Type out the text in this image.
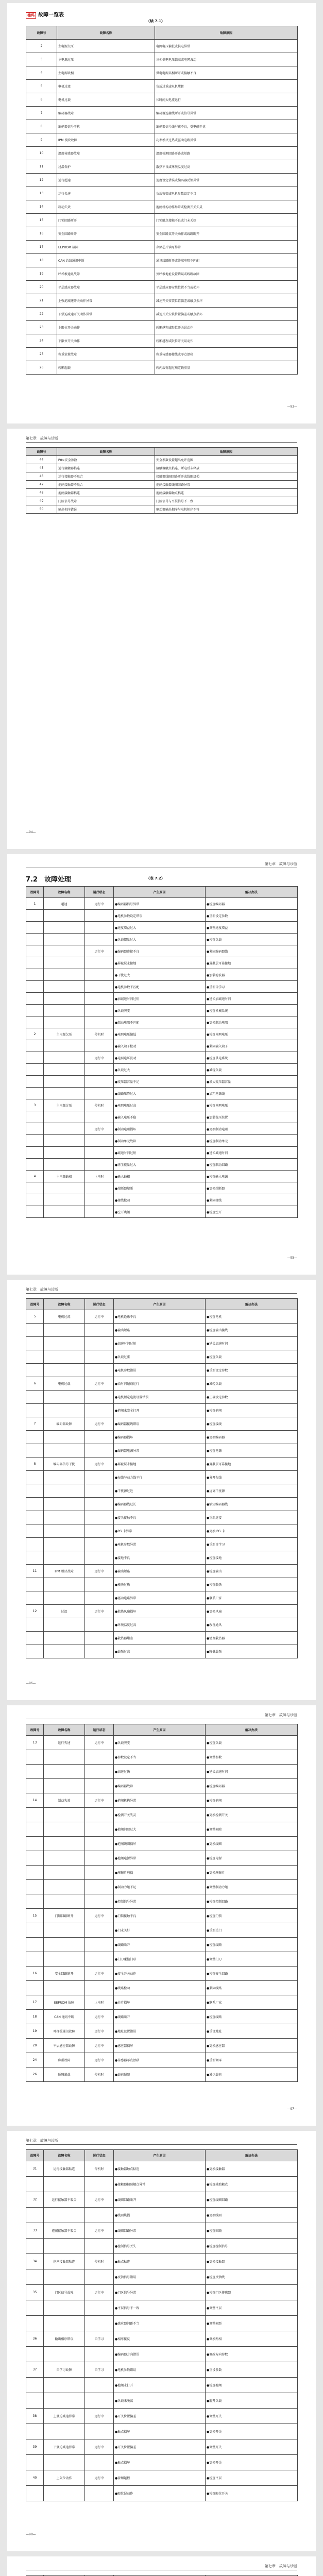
德玛 故障一览表
（续 7.1）
故障号	故障名称	故障原因
2	主电源欠压	电网电压偏低或供电异常
3	主电源过压	三相供电电压偏高或电网波动
4	主电源缺相	供电电源某相断开或接触不良
5	电机过流	负载过重或电机堵转
6	电机过载	长时间大电流运行
7	编码器故障	编码器连接线断开或信号异常
8	编码器信号干扰	编码器信号线屏蔽不良，受电磁干扰
9	IPM 模块故障	功率模块过热或驱动电路异常
10	温度传感器故障	温度检测回路开路或短路
11	过温保护	散热不良或环境温度过高
12	运行超速	速度设定错误或编码器反馈异常
13	运行失速	负载突变或电机参数设定不当
14	制动失效	抱闸机构动作异常或检测开关失灵
15	门锁回路断开	门锁触点接触不良或门未关好
16	安全回路断开	安全回路某开关动作或线路断开
17	EEPROM 故障	存储芯片读写异常
18	CAN 总线通讯中断	通讯线路断开或终端电阻不匹配
19	呼梯板通讯故障	外呼板地址设置错误或线路故障
20	平层感应器故障	平层感应器安装位置不当或损坏
21	上强迫减速开关动作异常	减速开关安装位置偏差或触点损坏
22	下强迫减速开关动作异常	减速开关安装位置偏差或触点损坏
23	上限位开关动作	轿厢越程或限位开关误动作
24	下限位开关动作	轿厢越程或限位开关误动作
25	称重装置故障	称重传感器接线或零点漂移
26	轿厢超载	轿内载荷超过额定载重量
—93—
第七章　故障与诊断
故障号	故障名称	故障原因
44	P0>安全参数	安全参数设置超出允许范围
45	运行接触器粘连	接触器触点粘连，断电后未释放
46	运行接触器不吸合	接触器线圈回路断开或线圈烧损
47	抱闸接触器不吸合	抱闸接触器线圈回路异常
48	抱闸接触器粘连	抱闸接触器触点粘连
49	门区信号故障	门区信号与平层信号不一致
50	输出相序错误	驱动器输出相序与电机相序不符
—94—
第七章　故障与诊断
7.2　故障处理	（表 7.2）
故障号	故障名称	运行状态	产生原因	解决办法
1	超速	运行中	●编码器信号异常	●检查编码器
			●电机参数设定错误	●重新设定参数
			●速度增益过大	●调整速度增益
			●负载惯量过大	●检查负载
		运行中	●编码器连接不良	●紧固编码器线
			●屏蔽层未接地	●屏蔽层可靠接地
			●干扰过大	●加装滤波器
			●电机参数不匹配	●重新自学习
			●加减速时间过短	●延长加减速时间
			●负载突变	●检查机械系统
			●制动电阻不匹配	●更换制动电阻
2	主电源欠压	停机时	●电网电压偏低	●检查电网电压
			●输入端子松动	●紧固输入端子
		运行中	●电网电压波动	●检查供电系统
			●负载过大	●减轻负载
			●变压器容量不足	●增大变压器容量
			●线路压降过大	●加粗电源线
3	主电源过压	停机时	●电网电压过高	●检查电网电压
			●输入电压不稳	●加装稳压装置
		运行中	●制动电阻损坏	●更换制动电阻
			●制动单元故障	●检查制动单元
			●减速时间过短	●延长减速时间
			●再生能量过大	●检查制动回路
4	主电源缺相	上电时	●输入缺相	●检查输入电源
			●熔断器熔断	●更换熔断器
			●接线松动	●紧固接线
			●空开跳闸	●检查空开
—95—
第七章　故障与诊断
故障号	故障名称	运行状态	产生原因	解决办法
5	电机过流	运行中	●电机绝缘不良	●检查电机
			●输出短路	●检查输出接线
			●加速时间过短	●延长加速时间
			●负载过重	●检查负载
			●电机参数错误	●重新设定参数
6	电机过载	运行中	●长时间超载运行	●减轻负载
			●电机额定电流设置错误	●正确设定参数
			●抱闸未完全打开	●检查抱闸
7	编码器故障	运行中	●编码器接线错误	●检查接线
			●编码器损坏	●更换编码器
			●编码器电源异常	●检查电源
8	编码器信号干扰	运行中	●屏蔽层未接地	●屏蔽层可靠接地
			●布线与动力线平行	●分开布线
			●干扰源过近	●远离干扰源
			●编码器线过长	●缩短编码器线
			●接头接触不良	●重新连接
			●PG 卡异常	●更换 PG 卡
			●电机参数异常	●重新自学习
			●接地不良	●检查接地
11	IPM 模块故障	运行中	●输出短路	●检查输出
			●模块过热	●检查散热
			●驱动电路异常	●联系厂家
12	过温	运行中	●散热风扇损坏	●更换风扇
			●环境温度过高	●改善通风
			●散热器堵塞	●清理散热器
			●载频过高	●降低载频
—96—
第七章　故障与诊断
故障号	故障名称	运行状态	产生原因	解决办法
13	运行失速	运行中	●负载突变	●检查负载
			●参数设定不当	●调整参数
			●加速过快	●延长加速时间
			●编码器故障	●检查编码器
14	制动失效	运行中	●抱闸机构异常	●检查抱闸
			●检测开关失灵	●更换检测开关
			●抱闸间隙过大	●调整间隙
			●抱闸线圈损坏	●更换线圈
			●抱闸电源异常	●检查电源
			●摩擦片磨损	●更换摩擦片
			●制动力矩不足	●调整制动力矩
			●控制信号异常	●检查控制回路
15	门锁回路断开	运行中	●门锁接触不良	●检查门锁
			●门未关好	●重新关门
			●线路断开	●检查线路
			●门刀碰撞门球	●调整门刀
16	安全回路断开	运行中	●安全开关动作	●检查安全回路
			●线路松动	●紧固线路
17	EEPROM 故障	上电时	●芯片损坏	●联系厂家
18	CAN 通讯中断	运行中	●线路断开	●检查线路
19	呼梯板通讯故障	运行中	●地址设置错误	●重设地址
20	平层感应器故障	运行中	●感应器损坏	●更换感应器
24	称重故障	运行中	●传感器零点漂移	●重新调零
26	轿厢超载	停机时	●载荷超限	●减少载荷
—97—
第七章　故障与诊断
故障号	故障名称	运行状态	产生原因	解决办法
31	运行接触器粘连	停机时	●接触器触点粘连	●更换接触器
			●接触器辅助触点异常	●检查辅助触点
32	运行接触器不吸合	运行中	●线圈回路断开	●检查线圈回路
			●线圈烧损	●更换线圈
33	抱闸接触器不吸合	运行中	●线圈回路异常	●检查回路
			●控制信号丢失	●检查控制信号
34	抱闸接触器粘连	停机时	●触点粘连	●更换接触器
			●反馈信号错误	●检查反馈线
35	门区信号故障	运行中	●门区信号异常	●检查门区传感器
			●平层信号不一致	●调整平层
			●感应器间距不当	●调整间距
36	输出相序错误	自学习	●相序接反	●调换两相
			●编码器方向错误	●修改方向参数
37	自学习故障	自学习	●电机参数错误	●重设参数
			●抱闸未打开	●检查抱闸
			●负载未脱离	●脱开负载
38	上强迫减速异常	运行中	●开关位置偏差	●调整开关
			●触点损坏	●更换开关
39	下强迫减速异常	运行中	●开关位置偏差	●调整开关
			●触点损坏	●更换开关
40	上限位动作	运行中	●轿厢越程	●检查平层
			●限位误动作	●检查限位开关
—98—
第七章　故障与诊断
